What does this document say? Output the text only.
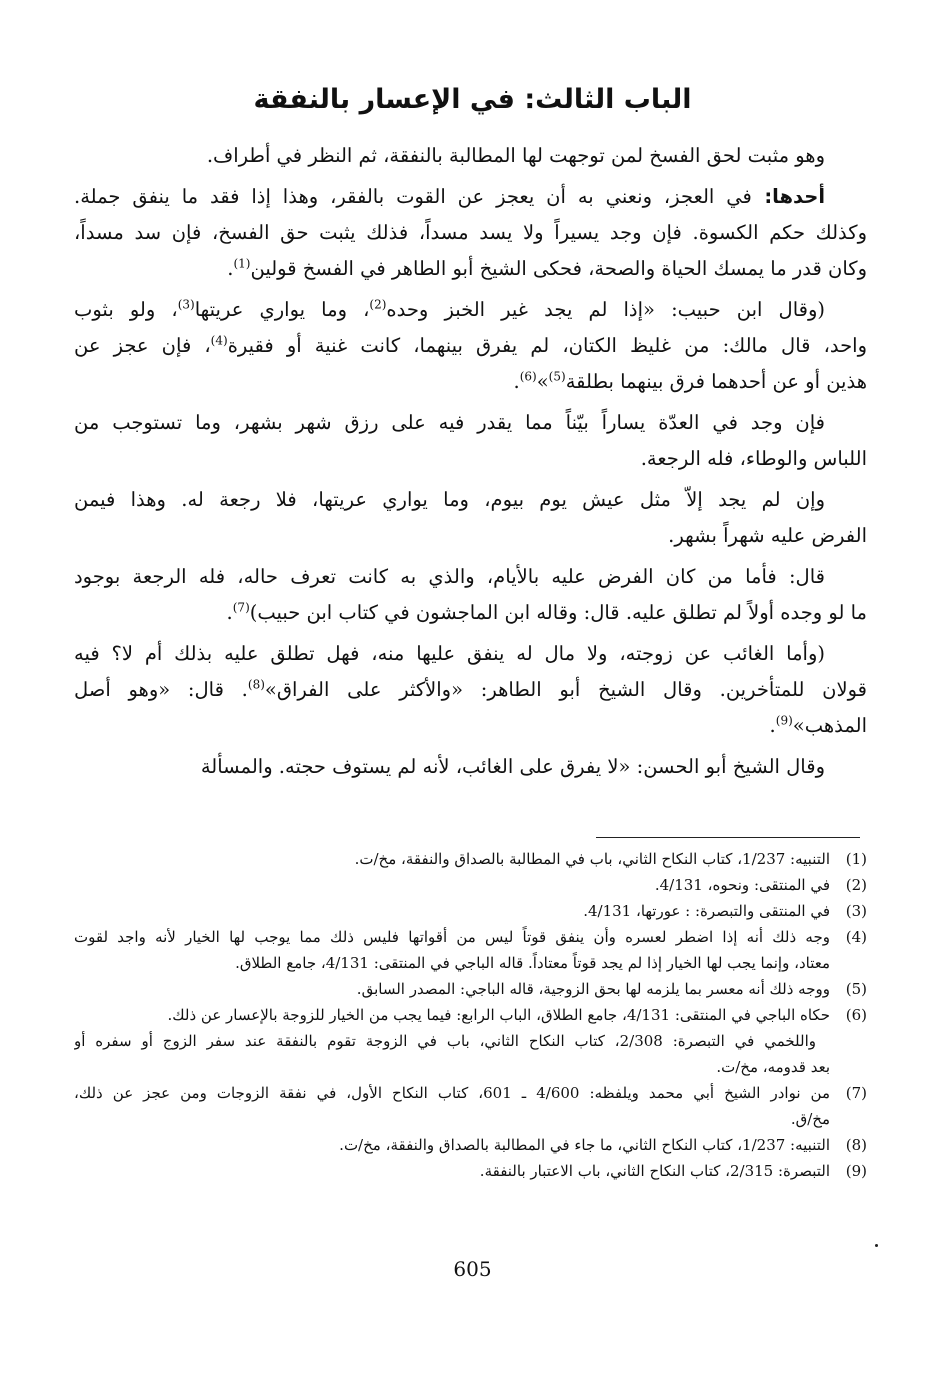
الباب الثالث: في الإعسار بالنفقة

وهو مثبت لحق الفسخ لمن توجهت لها المطالبة بالنفقة، ثم النظر في أطراف.

أحدها: في العجز، ونعني به أن يعجز عن القوت بالفقر، وهذا إذا فقد ما ينفق جملة.
وكذلك حكم الكسوة. فإن وجد يسيراً ولا يسد مسداً، فذلك يثبت حق الفسخ، فإن سد مسداً،
وكان قدر ما يمسك الحياة والصحة، فحكى الشيخ أبو الطاهر في الفسخ قولين$^{(1)}$.

(وقال ابن حبيب: «إذا لم يجد غير الخبز وحده$^{(2)}$، وما يواري عريتها$^{(3)}$، ولو بثوب
واحد، قال مالك: من غليظ الكتان، لم يفرق بينهما، كانت غنية أو فقيرة$^{(4)}$، فإن عجز عن
هذين أو عن أحدهما فرق بينهما بطلقة$^{(5)}$»$^{(6)}$.

فإن وجد في العدّة يساراً بيّناً مما يقدر فيه على رزق شهر بشهر، وما تستوجب من
اللباس والوطاء، فله الرجعة.

وإن لم يجد إلاّ مثل عيش يوم بيوم، وما يواري عريتها، فلا رجعة له. وهذا فيمن
الفرض عليه شهراً بشهر.

قال: فأما من كان الفرض عليه بالأيام، والذي به كانت تعرف حاله، فله الرجعة بوجود
ما لو وجده أولاً لم تطلق عليه. قال: وقاله ابن الماجشون في كتاب ابن حبيب)$^{(7)}$.

(وأما الغائب عن زوجته، ولا مال له ينفق عليها منه، فهل تطلق عليه بذلك أم لا؟ فيه
قولان للمتأخرين. وقال الشيخ أبو الطاهر: «والأكثر على الفراق»$^{(8)}$. قال: «وهو أصل
المذهب»$^{(9)}$.

وقال الشيخ أبو الحسن: «لا يفرق على الغائب، لأنه لم يستوف حجته. والمسألة

(1)
التنبيه: 1/237، كتاب النكاح الثاني، باب في المطالبة بالصداق والنفقة، مخ/ت.
(2)
في المنتقى: ونحوه، 4/131.
(3)
في المنتقى والتبصرة: : عورتها، 4/131.
(4)
وجه ذلك أنه إذا اضطر لعسره وأن ينفق قوتاً ليس من أقواتها فليس ذلك مما يوجب لها الخيار لأنه واجد لقوت
معتاد، وإنما يجب لها الخيار إذا لم يجد قوتاً معتاداً. قاله الباجي في المنتقى: 4/131، جامع الطلاق.
(5)
ووجه ذلك أنه معسر بما يلزمه لها بحق الزوجية، قاله الباجي: المصدر السابق.
(6)
حكاه الباجي في المنتقى: 4/131، جامع الطلاق، الباب الرابع: فيما يجب من الخيار للزوجة بالإعسار عن ذلك.
واللخمي في التبصرة: 2/308، كتاب النكاح الثاني، باب في الزوجة تقوم بالنفقة عند سفر الزوج أو سفره أو
بعد قدومه، مخ/ت.
(7)
من نوادر الشيخ أبي محمد ويلفظه: 4/600 ـ 601، كتاب النكاح الأول، في نفقة الزوجات ومن عجز عن ذلك،
مخ/ق.
(8)
التنبيه: 1/237، كتاب النكاح الثاني، ما جاء في المطالبة بالصداق والنفقة، مخ/ت.
(9)
التبصرة: 2/315، كتاب النكاح الثاني، باب الاعتبار بالنفقة.
605
